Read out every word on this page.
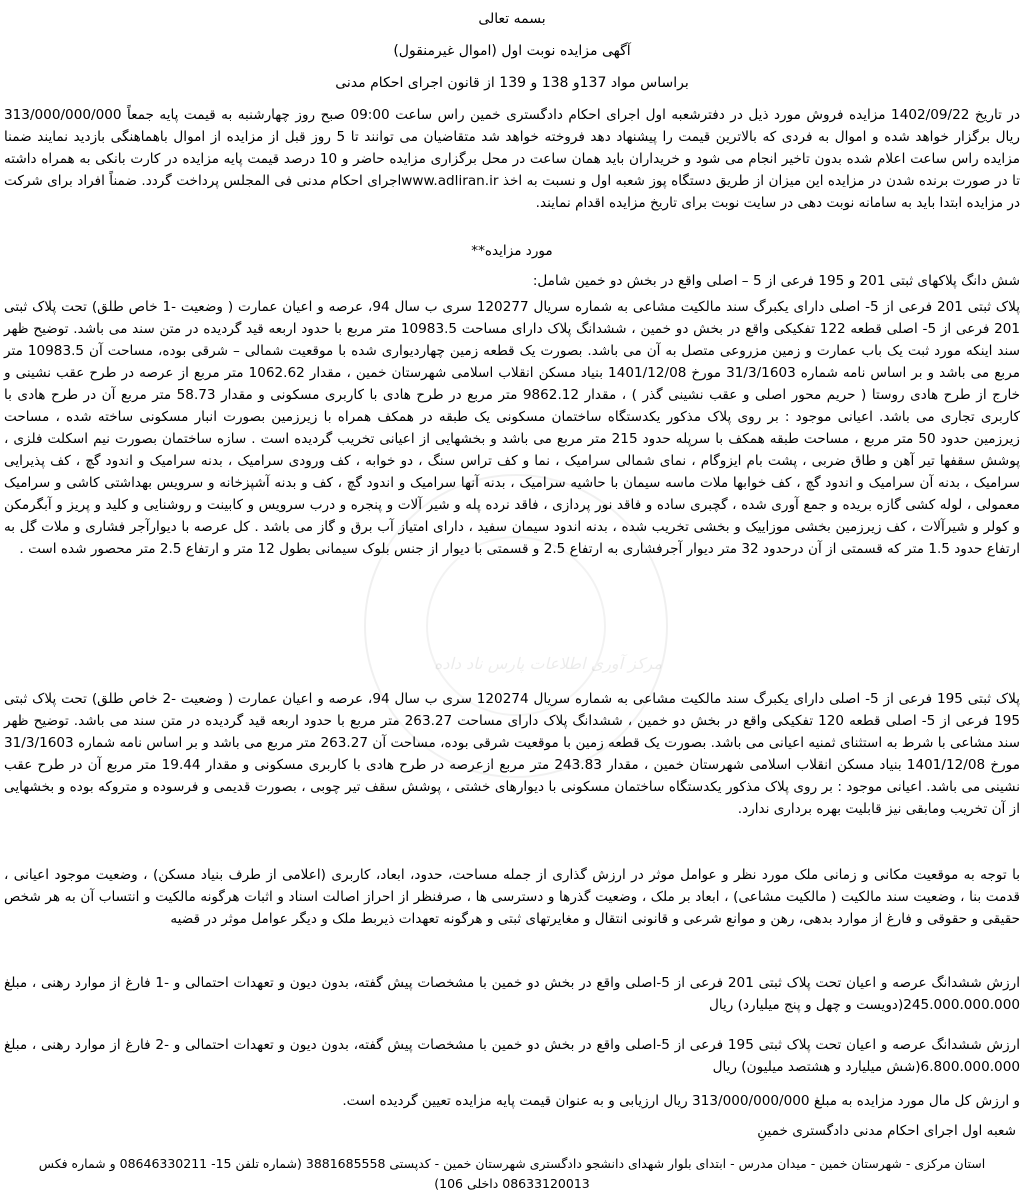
مرکز آوری اطلاعات پارس ناد داده
بسمه تعالی
آگهی مزایده نوبت اول (اموال غیرمنقول)
براساس مواد 137و 138 و 139 از قانون اجرای احکام مدنی
در تاریخ 1402/09/22 مزایده فروش مورد ذیل در دفترشعبه اول اجرای احکام دادگستری خمین راس ساعت 09:00 صبح روز چهارشنبه به قیمت پایه جمعاً 313/000/000/000 ریال برگزار خواهد شده و اموال به فردی که بالاترین قیمت را پیشنهاد دهد فروخته خواهد شد متقاضیان می توانند تا 5 روز قبل از مزایده از اموال باهماهنگی بازدید نمایند ضمنا مزایده راس ساعت اعلام شده بدون تاخیر انجام می شود و خریداران باید همان ساعت در محل برگزاری مزایده حاضر و 10 درصد قیمت پایه مزایده در کارت بانکی به همراه داشته تا در صورت برنده شدن در مزایده این میزان از طریق دستگاه پوز شعبه اول و نسبت به اخذ www.adliran.irاجرای احکام مدنی فی المجلس پرداخت گردد. ضمناً افراد برای شرکت در مزایده ابتدا باید به سامانه نوبت دهی در سایت نوبت برای تاریخ مزایده اقدام نمایند.
مورد مزایده**
شش دانگ پلاکهای ثبتی 201 و 195 فرعی از 5 – اصلی واقع در بخش دو خمین شامل:
پلاک ثبتی 201 فرعی از 5- اصلی دارای یکبرگ سند مالکیت مشاعی به شماره سریال 120277 سری ب سال 94، عرصه و اعیان عمارت ( وضعیت -1 خاص طلق) تحت پلاک ثبتی 201 فرعی از 5- اصلی قطعه 122 تفکیکی واقع در بخش دو خمین ، ششدانگ پلاک دارای مساحت 10983.5 متر مربع با حدود اربعه قید گردیده در متن سند می باشد. توضیح ظهر سند اینکه مورد ثبت یک باب عمارت و زمین مزروعی متصل به آن می باشد. بصورت یک قطعه زمین چهاردیواری شده با موقعیت شمالی – شرقی بوده، مساحت آن 10983.5 متر مربع می باشد و بر اساس نامه شماره 31/3/1603 مورخ 1401/12/08 بنیاد مسکن انقلاب اسلامی شهرستان خمین ، مقدار 1062.62 متر مربع از عرصه در طرح عقب نشینی و خارج از طرح هادی روستا ( حریم محور اصلی و عقب نشینی گذر ) ، مقدار 9862.12 متر مربع در طرح هادی با کاربری مسکونی و مقدار 58.73 متر مربع آن در طرح هادی با کاربری تجاری می باشد. اعیانی موجود : بر روی پلاک مذکور یکدستگاه ساختمان مسکونی یک طبقه در همکف همراه با زیرزمین بصورت انبار مسکونی ساخته شده ، مساحت زیرزمین حدود 50 متر مربع ، مساحت طبقه همکف با سرپله حدود 215 متر مربع می باشد و بخشهایی از اعیانی تخریب گردیده است . سازه ساختمان بصورت نیم اسکلت فلزی ، پوشش سقفها تیر آهن و طاق ضربی ، پشت بام ایزوگام ، نمای شمالی سرامیک ، نما و کف تراس سنگ ، دو خوابه ، کف ورودی سرامیک ، بدنه سرامیک و اندود گچ ، کف پذیرایی سرامیک ، بدنه آن سرامیک و اندود گچ ، کف خوابها ملات ماسه سیمان با حاشیه سرامیک ، بدنه آنها سرامیک و اندود گچ ، کف و بدنه آشپزخانه و سرویس بهداشتی کاشی و سرامیک معمولی ، لوله کشی گازه بریده و جمع آوری شده ، گچبری ساده و فاقد نور پردازی ، فاقد نرده پله و شیر آلات و پنجره و درب سرویس و کابینت و روشنایی و کلید و پریز و آبگرمکن و کولر و شیرآلات ، کف زیرزمین بخشی موزاییک و بخشی تخریب شده ، بدنه اندود سیمان سفید ، دارای امتیاز آب برق و گاز می باشد . کل عرصه با دیوارآجر فشاری و ملات گل به ارتفاع حدود 1.5 متر که قسمتی از آن درحدود 32 متر دیوار آجرفشاری به ارتفاع 2.5 و قسمتی با دیوار از جنس بلوک سیمانی بطول 12 متر و ارتفاع 2.5 متر محصور شده است .
پلاک ثبتی 195 فرعی از 5- اصلی دارای یکبرگ سند مالکیت مشاعی به شماره سریال 120274 سری ب سال 94، عرصه و اعیان عمارت ( وضعیت -2 خاص طلق) تحت پلاک ثبتی 195 فرعی از 5- اصلی قطعه 120 تفکیکی واقع در بخش دو خمین ، ششدانگ پلاک دارای مساحت 263.27 متر مربع با حدود اربعه قید گردیده در متن سند می باشد. توضیح ظهر سند مشاعی با شرط به استثنای ثمنیه اعیانی می باشد. بصورت یک قطعه زمین با موقعیت شرقی بوده، مساحت آن 263.27 متر مربع می باشد و بر اساس نامه شماره 31/3/1603 مورخ 1401/12/08 بنیاد مسکن انقلاب اسلامی شهرستان خمین ، مقدار 243.83 متر مربع ازعرصه در طرح هادی با کاربری مسکونی و مقدار 19.44 متر مربع آن در طرح عقب نشینی می باشد. اعیانی موجود : بر روی پلاک مذکور یکدستگاه ساختمان مسکونی با دیوارهای خشتی ، پوشش سقف تیر چوبی ، بصورت قدیمی و فرسوده و متروکه بوده و بخشهایی از آن تخریب ومابقی نیز قابلیت بهره برداری ندارد.
با توجه به موقعیت مکانی و زمانی ملک مورد نظر و عوامل موثر در ارزش گذاری از جمله مساحت، حدود، ابعاد، کاربری (اعلامی از طرف بنیاد مسکن) ، وضعیت موجود اعیانی ، قدمت بنا ، وضعیت سند مالکیت ( مالکیت مشاعی) ، ابعاد بر ملک ، وضعیت گذرها و دسترسی ها ، صرفنظر از احراز اصالت اسناد و اثبات هرگونه مالکیت و انتساب آن به هر شخص حقیقی و حقوقی و فارغ از موارد بدهی، رهن و موانع شرعی و قانونی انتقال و مغایرتهای ثبتی و هرگونه تعهدات ذیربط ملک و دیگر عوامل موثر در قضیه
ارزش ششدانگ عرصه و اعیان تحت پلاک ثبتی 201 فرعی از 5-اصلی واقع در بخش دو خمین با مشخصات پیش گفته، بدون دیون و تعهدات احتمالی و -1 فارغ از موارد رهنی ، مبلغ 245.000.000.000(دویست و چهل و پنج میلیارد) ریال
ارزش ششدانگ عرصه و اعیان تحت پلاک ثبتی 195 فرعی از 5-اصلی واقع در بخش دو خمین با مشخصات پیش گفته، بدون دیون و تعهدات احتمالی و -2 فارغ از موارد رهنی ، مبلغ 6.800.000.000(شش میلیارد و هشتصد میلیون) ریال
و ارزش کل مال مورد مزایده به مبلغ 313/000/000/000 ریال ارزیابی و به عنوان قیمت پایه مزایده تعیین گردیده است.
شعبه اول اجرای احکام مدنی دادگستری خمینِ
استان مرکزی - شهرستان خمین - میدان مدرس - ابتدای بلوار شهدای دانشجو دادگستری شهرستان خمین - کدپستی 3881685558 (شماره تلفن 15- 08646330211 و شماره فکس
08633120013 داخلی 106)
